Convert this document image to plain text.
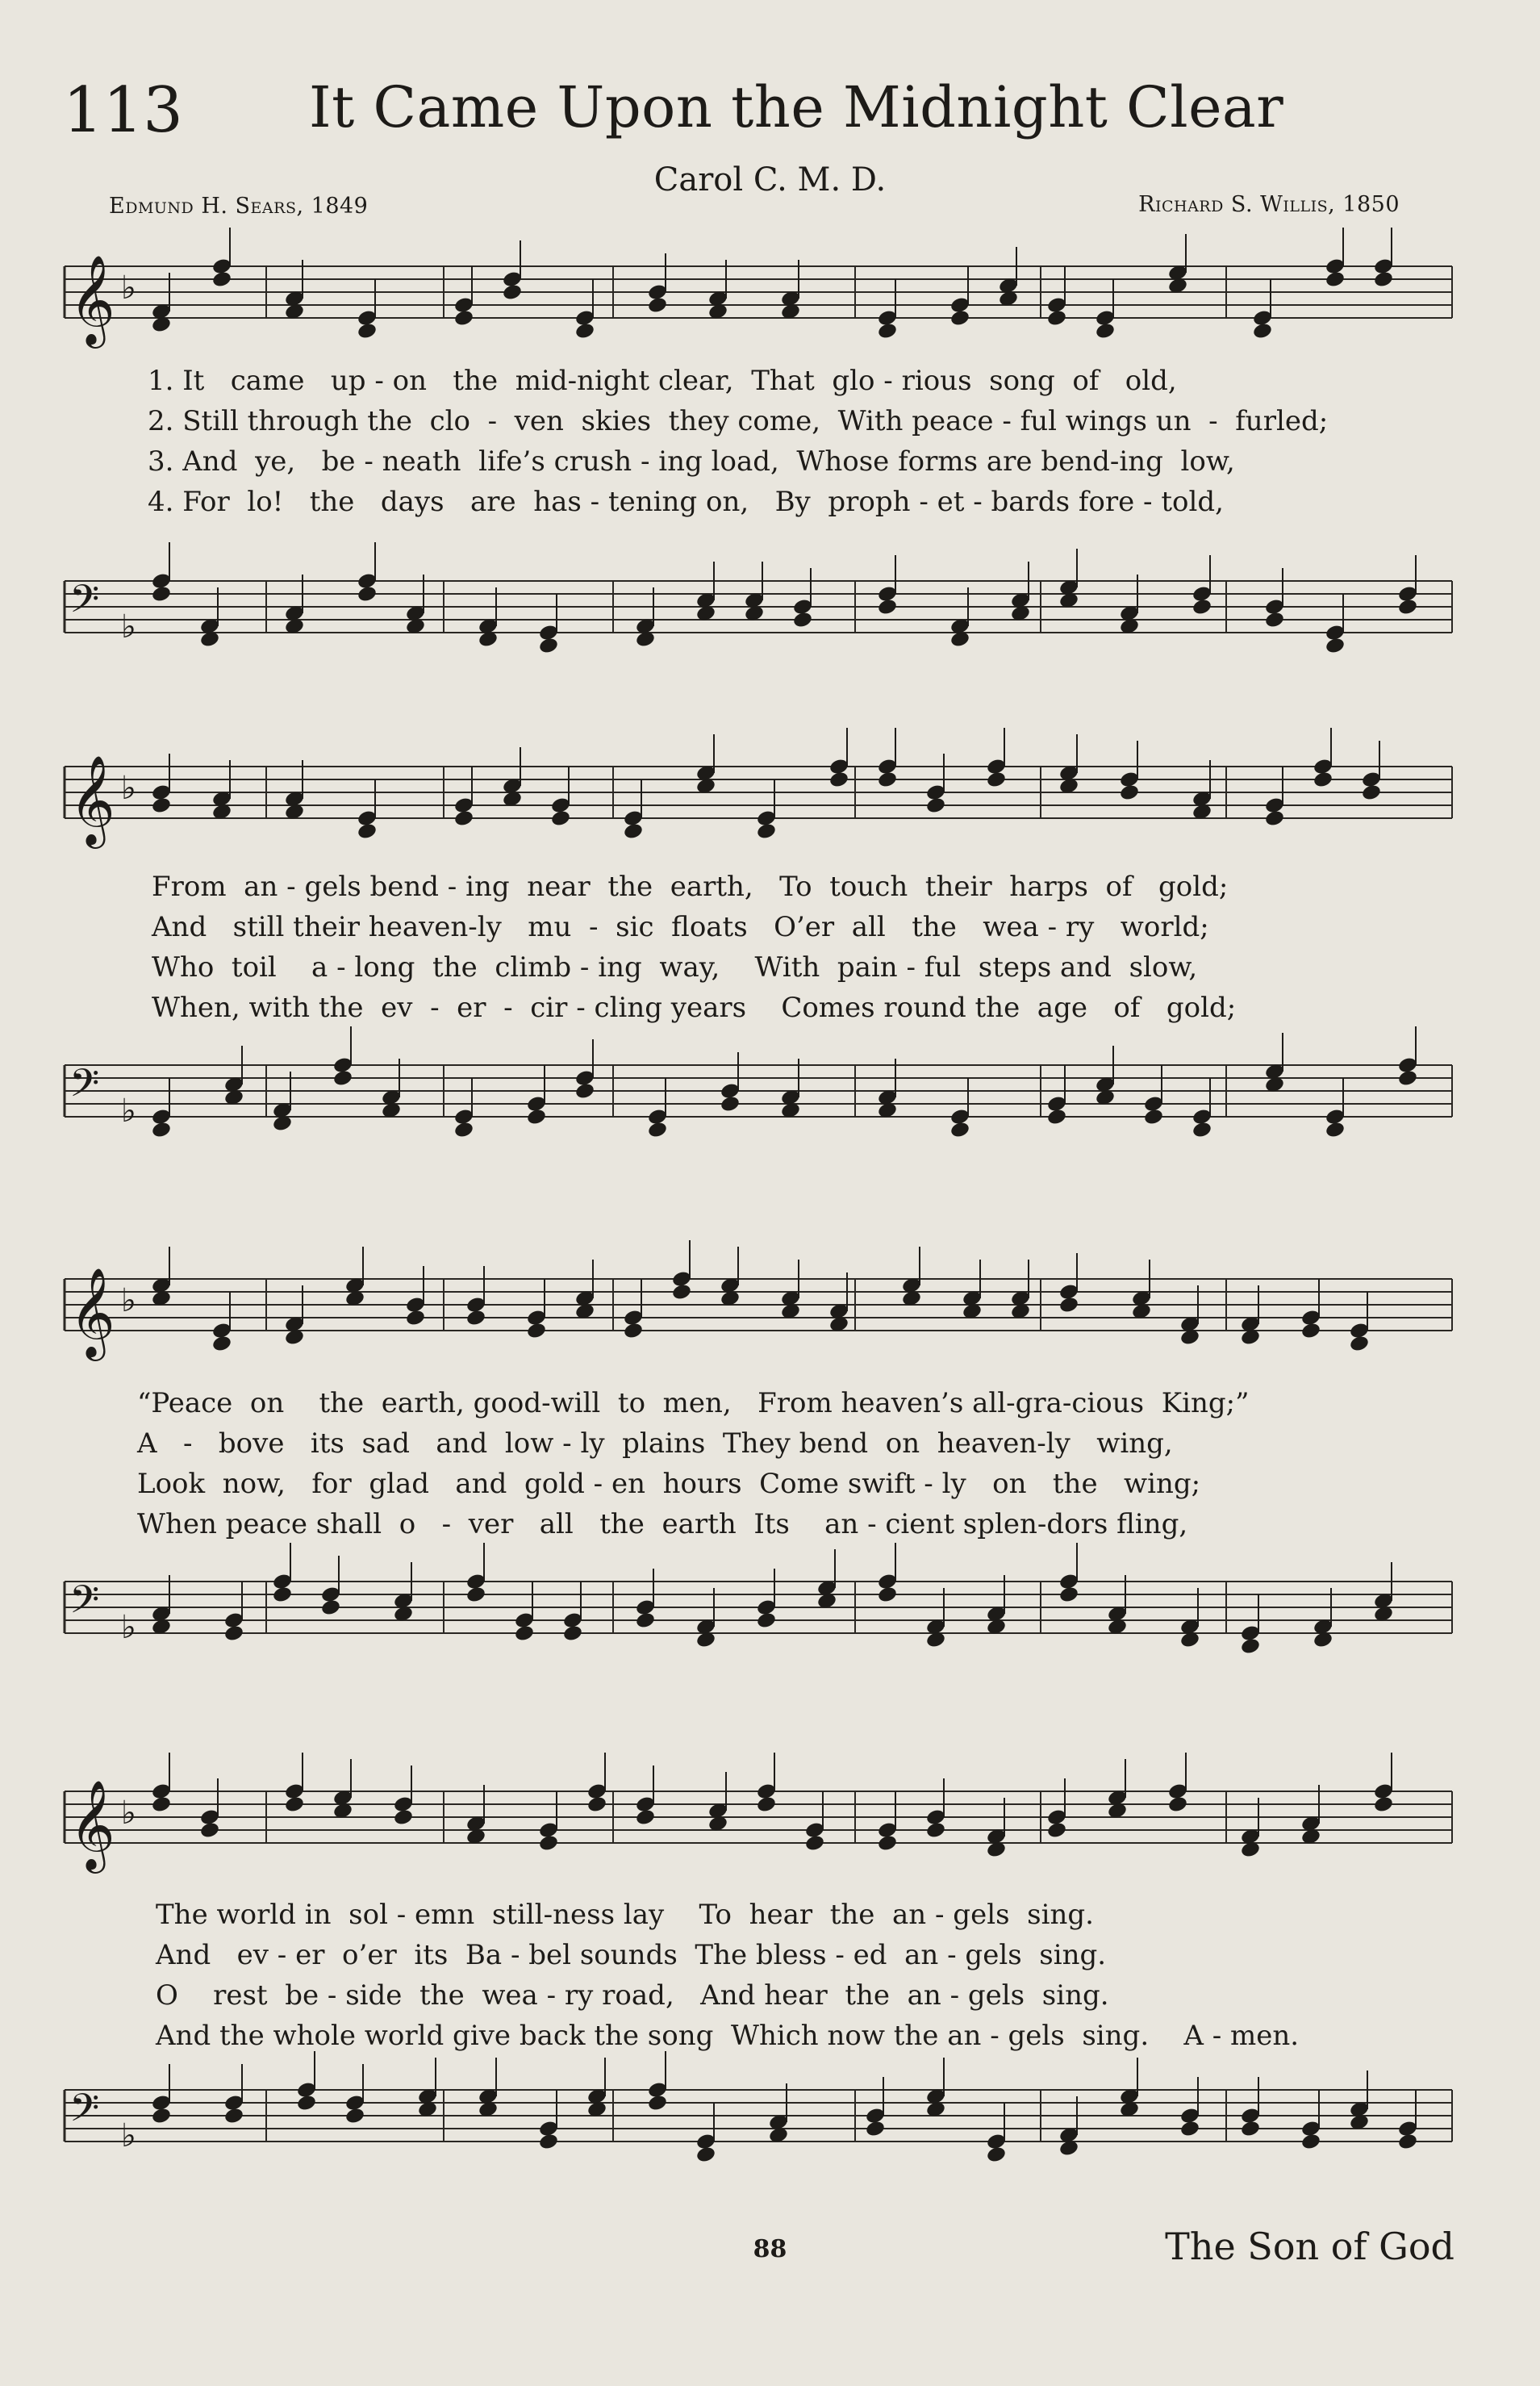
113 It Came Upon the Midnight Clear
Carol C. M. D.
Edmund H. Sears, 1849	Richard S. Willis, 1850
𝄞 ♭
𝄢 ♭
𝄞 ♭
𝄢 ♭
𝄞 ♭
𝄢 ♭
𝄞 ♭
𝄢 ♭
1. It   came   up - on   the  mid-night clear,  That  glo - rious  song  of   old,
2. Still through the  clo  -  ven  skies  they come,  With peace - ful wings un  -  furled;
3. And  ye,   be - neath  life’s crush - ing load,  Whose forms are bend-ing  low,
4. For  lo!   the   days   are  has - tening on,   By  proph - et - bards fore - told,
From  an - gels bend - ing  near  the  earth,   To  touch  their  harps  of   gold;
And   still their heaven-ly   mu  -  sic  floats   O’er  all   the   wea - ry   world;
Who  toil    a - long  the  climb - ing  way,    With  pain - ful  steps and  slow,
When, with the  ev  -  er  -  cir - cling years    Comes round the  age   of   gold;
“Peace  on    the  earth, good-will  to  men,   From heaven’s all-gra-cious  King;”
A   -   bove   its  sad   and  low - ly  plains  They bend  on  heaven-ly   wing,
Look  now,   for  glad   and  gold - en  hours  Come swift - ly   on   the   wing;
When peace shall  o   -  ver   all   the  earth  Its    an - cient splen-dors fling,
The world in  sol - emn  still-ness lay    To  hear  the  an - gels  sing.
And   ev - er  o’er  its  Ba - bel sounds  The bless - ed  an - gels  sing.
O    rest  be - side  the  wea - ry road,   And hear  the  an - gels  sing.
And the whole world give back the song  Which now the an - gels  sing.    A - men.
88	The Son of God
